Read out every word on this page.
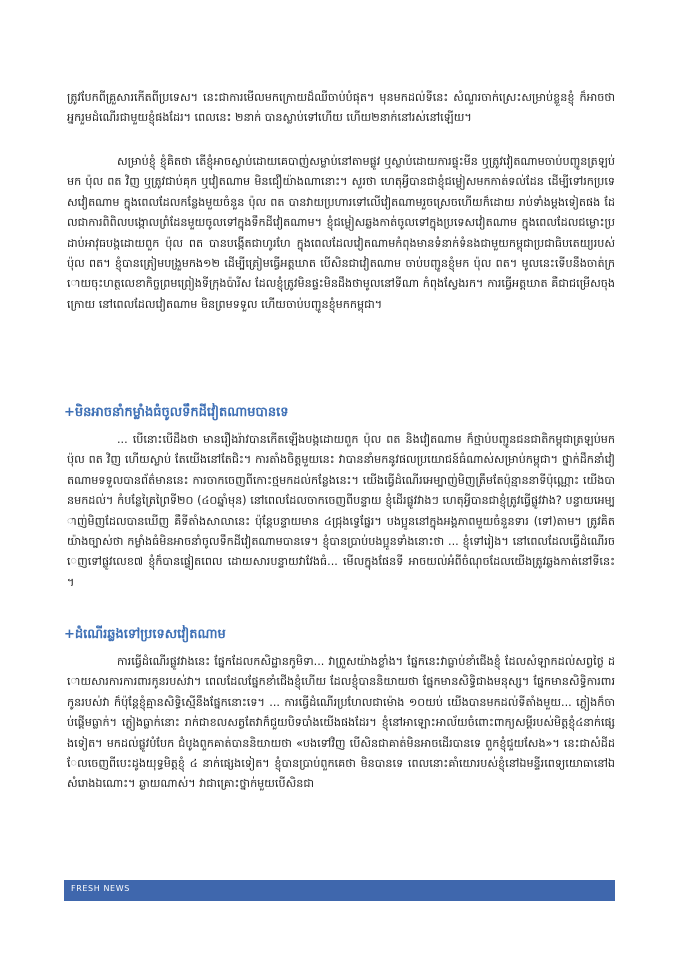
ត្រូវបែកពីគ្រួសារកើតពីប្រទេស។ នេះជាការមើលមកក្រោយដ៏ឈឺចាប់បំផុត។ មុនមកដល់ទីនេះ សំណួរចាក់ស្រេះសម្រាប់ខ្លួនខ្ញុំ ក៏អាចថា អ្នករួមដំណើរជាមួយខ្ញុំផងដែរ។ ពេលនេះ ២នាក់ បានស្លាប់ទៅហើយ ហើយ២នាក់នៅរស់នៅឡើយ។

សម្រាប់ខ្ញុំ ខ្ញុំគិតថា តើខ្ញុំអាចស្លាប់ដោយគេបាញ់សម្លាប់នៅតាមផ្លូវ ឬស្លាប់ដោយការផ្ទុះមីន ឬត្រូវវៀតណាមចាប់បញ្ជូនត្រឡប់មក ប៉ុល ពត វិញ ឬត្រូវជាប់គុក ឬវៀតណាម មិនជឿយ៉ាងណានោះ។ សួរថា ហេតុអ្វីបានជាខ្ញុំជម្លៀសមកកាត់ទល់ដែន ដើម្បីទៅរកប្រទេសវៀតណាម ក្នុងពេលដែលកន្លែងមួយចំនួន ប៉ុល ពត បានវាយប្រហារទៅលើវៀតណាមរួចស្រេចហើយក៏ដោយ រាប់ទាំងម្តងទៀតផង ដែលជាការពិពិលបង្កោលព្រំដែនមួយចូលទៅក្នុងទឹកដីវៀតណាម។ ខ្ញុំជម្លៀសឆ្លងកាត់ចូលទៅក្នុងប្រទេសវៀតណាម ក្នុងពេលដែលជម្លោះប្រដាប់អាវុធបង្កដោយពួក ប៉ុល ពត បានបង្កើតជាហូរហែ ក្នុងពេលដែលវៀតណាមកំពុងមានទំនាក់ទំនងជាមួយកម្ពុជាប្រជាធិបតេយ្យរបស់ ប៉ុល ពត។ ខ្ញុំបានត្រៀមបង្រួមកង១២ ដើម្បីត្រៀមធ្វើអត្តឃាត បើសិនជាវៀតណាម ចាប់បញ្ជូនខ្ញុំមក ប៉ុល ពត។ មូលនេះទើបនឹងចាត់ក្រោយចុះហត្ថលេខាកិច្ចព្រមព្រៀងទីក្រុងប៉ារីស ដែលខ្ញុំត្រូវមិនផ្ទះមិនដឹងថាមូលនៅទីណា កំពុងស្វែងរក។ ការធ្វើអត្តឃាត គឺជាជម្រើសចុងក្រោយ នៅពេលដែលវៀតណាម មិនព្រមទទួល ហើយចាប់បញ្ជូនខ្ញុំមកកម្ពុជា។

+មិនអាចនាំកម្លាំងធំចូលទឹកដីវៀតណាមបានទេ

... បើនោះបើដឹងថា មានរឿងរ៉ាវបានកើតឡើងបង្កដោយពួក ប៉ុល ពត និងវៀតណាម ក៏ថ្មាប់បញ្ជូនជនជាតិកម្ពុជាត្រឡប់មក ប៉ុល ពត វិញ ហើយស្លាប់ តែយើងនៅតែជិះ។ ការតាំងចិត្តមួយនេះ វាបាននាំមកនូវផលប្រយោជន៍ធំណាស់សម្រាប់កម្ពុជា។ ថ្នាក់ដឹកនាំវៀតណាមទទួលបានព័ត៌មាននេះ ការចាកចេញពីកោះថ្មមកដល់កន្លែងនេះ។ យើងធ្វើដំណើរអេម្បាញ់មិញត្រឹមតែប៉ុន្មាននាទីប៉ុណ្ណោះ យើងបានមកដល់។ កំបន្លែត្រៃព្រៃទី២០ (៤០ឆ្នាំមុន) នៅពេលដែលចាកចេញពីបន្ទាយ ខ្ញុំដើរផ្លូវវាងៗ ហេតុអ្វីបានជាខ្ញុំត្រូវធ្វើផ្លូវវាង? បន្ទាយអេម្បាញ់មិញដែលបានឃើញ គឺទីតាំងសាលានេះ ប៉ុន្តែបន្ទាយមាន ៤ជ្រុងទ្វេផ្នែរ។ បងប្អូននៅក្នុងអង្គភាពមួយចំនួនទារ (ទៅ)តាម។ ត្រូវគិតយ៉ាងច្បាស់ថា កម្លាំងធំមិនអាចនាំចូលទឹកដីវៀតណាមបានទេ។ ខ្ញុំបានប្រាប់បងប្អូនទាំងនោះថា ... ខ្ញុំទៅរៀង។ នៅពេលដែលធ្វើដំណើរចេញទៅផ្លូវលេខ៧ ខ្ញុំក៏បានផ្ទៀតពេល ដោយសារបន្ទាយវាវែងធំ... មើលក្នុងផែនទី អាចយល់អំពីចំណុចដែលយើងត្រូវឆ្លងកាត់នៅទីនេះ។

+ដំណើរឆ្លងទៅប្រទេសវៀតណាម

ការធ្វើដំណើរផ្លូវវាងនេះ ផ្នែកដែលកសិដ្ឋានកូមិទា... វាព្រួសយ៉ាងខ្លាំង។ ផ្នែកនេះវាធ្លាប់ខាំជើងខ្ញុំ ដែលសំឡាកដល់សព្វថ្ងៃ ដោយសារការការពារកូនរបស់វា។ ពេលដែលផ្នែកខាំជើងខ្ញុំហើយ ដែលខ្ញុំបាននិយាយថា ផ្នែកមានសិទ្ធិជាងមនុស្ស។ ផ្នែកមានសិទ្ធិការពារកូនរបស់វា ក៏ប៉ុន្តែខ្ញុំគ្មានសិទ្ធិស្មើនឹងផ្នែកនោះទេ។ ... ការធ្វើដំណើរប្រហែលជាម៉ោង ១០យប់ យើងបានមកដល់ទីតាំងមួយ... ភ្លៀងក៏ចាប់ផ្តើមធ្លាក់។ ភ្លៀងធ្លាក់នោះ រាក់ជាខលសត្វតែវាក៏ជួយបិទបាំងយើងផងដែរ។ ខ្ញុំនៅអាឡោះអាល័យចំពោះពាក្យសម្តីរបស់មិត្តខ្ញុំ៤នាក់ផ្សេងទៀត។ មកដល់ផ្លូវបំបែក ជំបូងពួកគាត់បាននិយាយថា «បងទៅវិញ បើសិនជាគាត់មិនអាចដើរបានទេ ពួកខ្ញុំជួយសែង»។ នេះជាសំដីដែលចេញពីបេះដូងយុទ្ធមិត្តខ្ញុំ ៤ នាក់ផ្សេងទៀត។ ខ្ញុំបានប្រាប់ពួកគេថា មិនបានទេ ពេលនោះគាំយោរបស់ខ្ញុំនៅឯមន្ទីរពេទ្យយោធានៅឯសំរោងឯណោះ។ ឆ្ងាយណាស់។ វាជាគ្រោះថ្នាក់មួយបើសិនជា

FRESH NEWS
